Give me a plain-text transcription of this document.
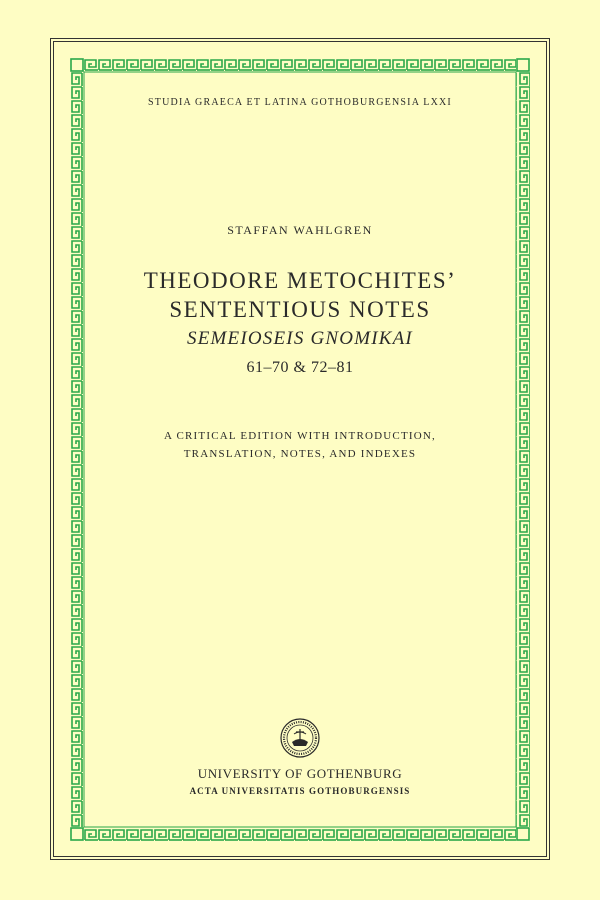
STUDIA GRAECA ET LATINA GOTHOBURGENSIA LXXI
STAFFAN WAHLGREN
THEODORE METOCHITES’
SENTENTIOUS NOTES
SEMEIOSEIS GNOMIKAI
61–70 & 72–81
A CRITICAL EDITION WITH INTRODUCTION,
TRANSLATION, NOTES, AND INDEXES
UNIVERSITY OF GOTHENBURG
ACTA UNIVERSITATIS GOTHOBURGENSIS
